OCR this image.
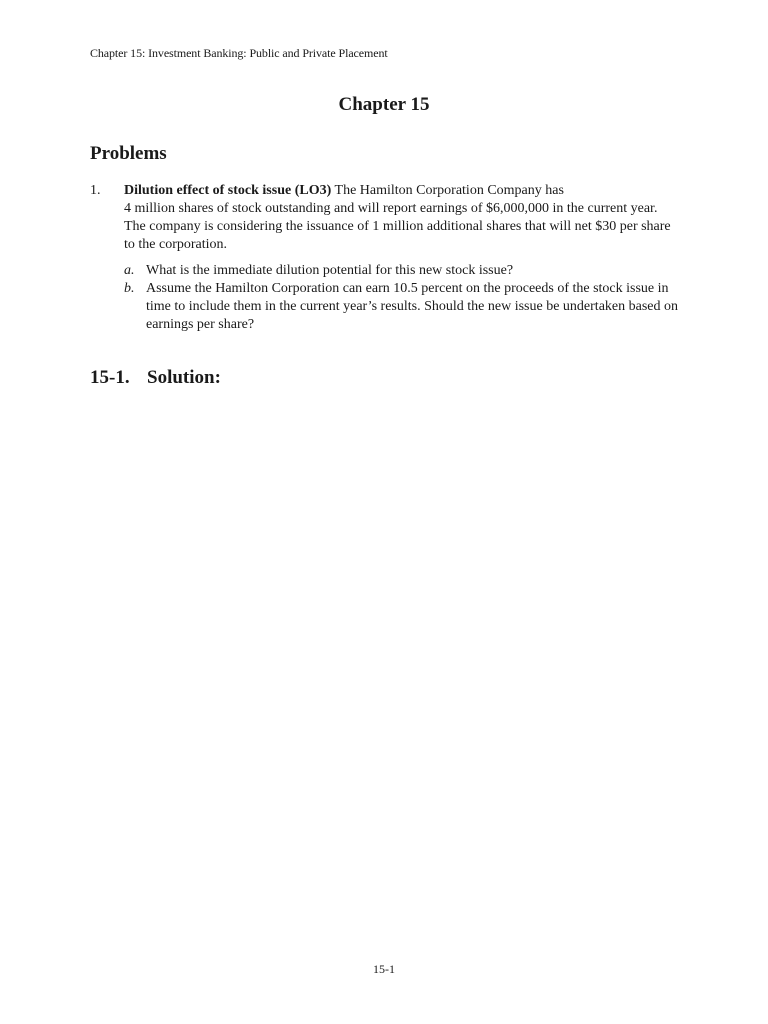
Chapter 15: Investment Banking: Public and Private Placement
Chapter 15
Problems
1. Dilution effect of stock issue (LO3) The Hamilton Corporation Company has
4 million shares of stock outstanding and will report earnings of $6,000,000 in the current year. The company is considering the issuance of 1 million additional shares that will net $30 per share to the corporation.
a. What is the immediate dilution potential for this new stock issue?
b. Assume the Hamilton Corporation can earn 10.5 percent on the proceeds of the stock issue in time to include them in the current year’s results. Should the new issue be undertaken based on earnings per share?
15-1. Solution:
15-1
